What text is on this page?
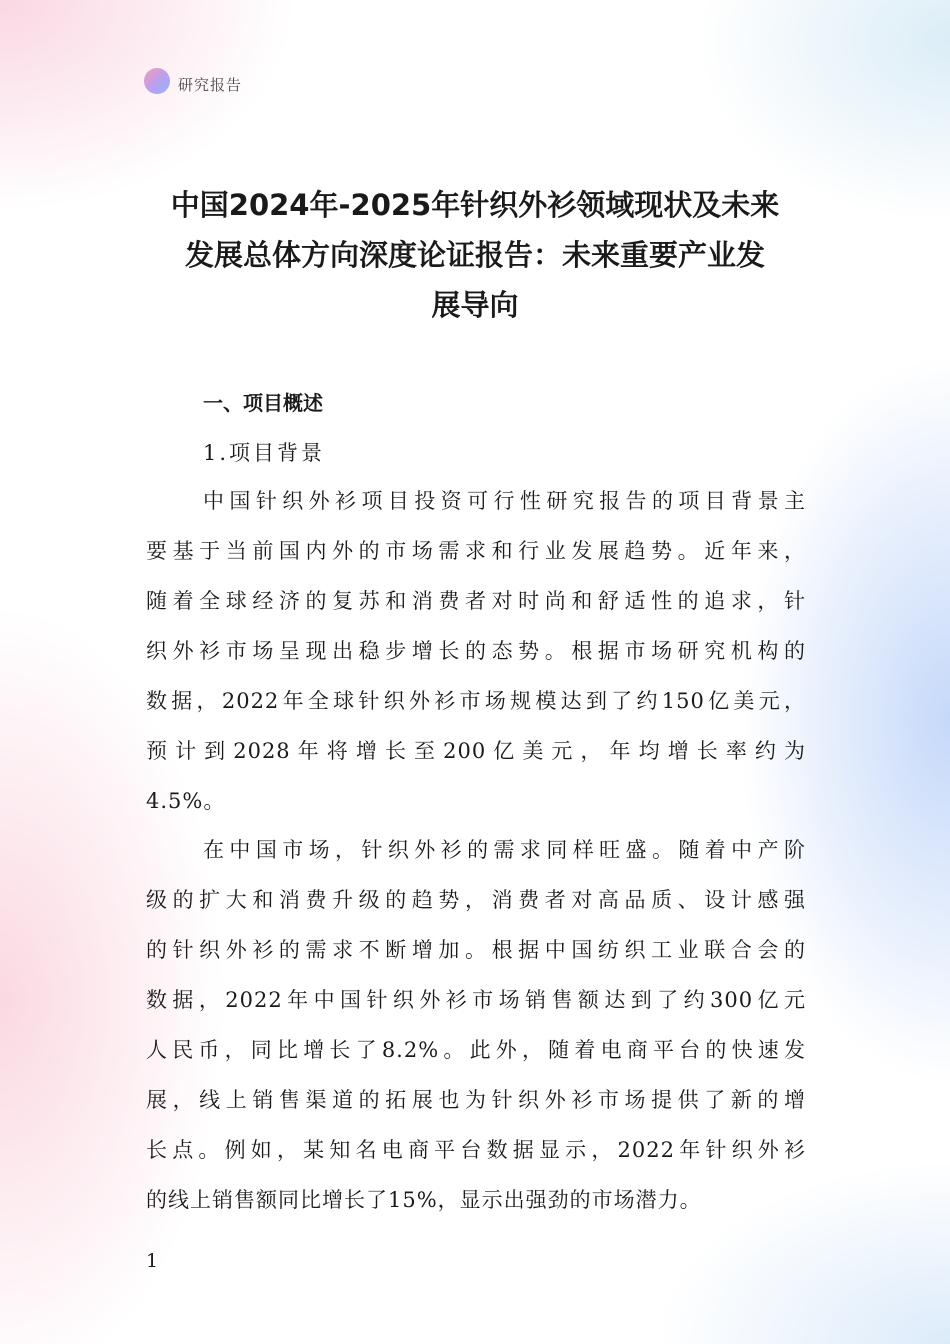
研究报告
中国2024年-2025年针织外衫领域现状及未来
发展总体方向深度论证报告：未来重要产业发
展导向
一、项目概述
1.项目背景
中国针织外衫项目投资可行性研究报告的项目背景主
要基于当前国内外的市场需求和行业发展趋势。近年来，
随着全球经济的复苏和消费者对时尚和舒适性的追求，针
织外衫市场呈现出稳步增长的态势。根据市场研究机构的
数据，2022年全球针织外衫市场规模达到了约150亿美元，
预计到2028年将增长至200亿美元，年均增长率约为
4.5%。
在中国市场，针织外衫的需求同样旺盛。随着中产阶
级的扩大和消费升级的趋势，消费者对高品质、设计感强
的针织外衫的需求不断增加。根据中国纺织工业联合会的
数据，2022年中国针织外衫市场销售额达到了约300亿元
人民币，同比增长了8.2%。此外，随着电商平台的快速发
展，线上销售渠道的拓展也为针织外衫市场提供了新的增
长点。例如，某知名电商平台数据显示，2022年针织外衫
的线上销售额同比增长了15%，显示出强劲的市场潜力。
1
